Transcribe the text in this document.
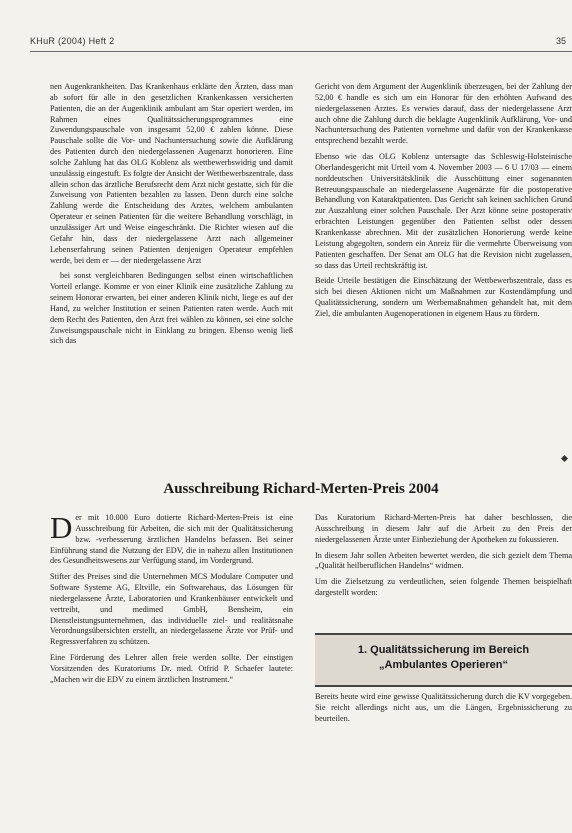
KHuR (2004) Heft 2	35

nen Augenkrankheiten. Das Krankenhaus erklärte den Ärzten, dass man ab sofort für alle in den gesetzlichen Krankenkassen versicherten Patienten, die an der Augenklinik ambulant am Star operiert werden, im Rahmen eines Qualitätssicherungsprogrammes eine Zuwendungspauschale von insgesamt 52,00 € zahlen könne. Diese Pauschale sollte die Vor- und Nachuntersuchung sowie die Aufklärung des Patienten durch den niedergelassenen Augenarzt honorieren. Eine solche Zahlung hat das OLG Koblenz als wettbewerbswidrig und damit unzulässig eingestuft. Es folgte der Ansicht der Wettbewerbszentrale, dass allein schon das ärztliche Berufsrecht dem Arzt nicht gestatte, sich für die Zuweisung von Patienten bezahlen zu lassen. Denn durch eine solche Zahlung werde die Entscheidung des Arztes, welchem ambulanten Operateur er seinen Patienten für die weitere Behandlung vorschlägt, in unzulässiger Art und Weise eingeschränkt. Die Richter wiesen auf die Gefahr hin, dass der niedergelassene Arzt nach allgemeiner Lebenserfahrung seinen Patienten denjenigen Operateur empfehlen werde, bei dem er — der niedergelassene Arzt

bei sonst vergleichbaren Bedingungen selbst einen wirtschaftlichen Vorteil erlange. Komme er von einer Klinik eine zusätzliche Zahlung zu seinem Honorar erwarten, bei einer anderen Klinik nicht, liege es auf der Hand, zu welcher Institution er seinen Patienten raten werde. Auch mit dem Recht des Patienten, den Arzt frei wählen zu können, sei eine solche Zuweisungspauschale nicht in Einklang zu bringen. Ebenso wenig ließ sich das

Gericht von dem Argument der Augenklinik überzeugen, bei der Zahlung der 52,00 € handle es sich um ein Honorar für den erhöhten Aufwand des niedergelassenen Arztes. Es verwies darauf, dass der niedergelassene Arzt auch ohne die Zahlung durch die beklagte Augenklinik Aufklärung, Vor- und Nachuntersuchung des Patienten vornehme und dafür von der Krankenkasse entsprechend bezahlt werde.

Ebenso wie das OLG Koblenz untersagte das Schleswig-Holsteinische Oberlandesgericht mit Urteil vom 4. November 2003 — 6 U 17/03 — einem norddeutschen Universitätsklinik die Ausschüttung einer sogenannten Betreuungspauschale an niedergelassene Augenärzte für die postoperative Behandlung von Kataraktpatienten. Das Gericht sah keinen sachlichen Grund zur Auszahlung einer solchen Pauschale. Der Arzt könne seine postoperativ erbrachten Leistungen gegenüber den Patienten selbst oder dessen Krankenkasse abrechnen. Mit der zusätzlichen Honorierung werde keine Leistung abgegolten, sondern ein Anreiz für die vermehrte Überweisung von Patienten geschaffen. Der Senat am OLG hat die Revision nicht zugelassen, so dass das Urteil rechtskräftig ist.

Beide Urteile bestätigen die Einschätzung der Wettbewerbszentrale, dass es sich bei diesen Aktionen nicht um Maßnahmen zur Kostendämpfung und Qualitätssicherung, sondern um Werbemaßnahmen gehandelt hat, mit dem Ziel, die ambulanten Augenoperationen in eigenem Haus zu fördern.

Ausschreibung Richard-Merten-Preis 2004

Der mit 10.000 Euro dotierte Richard-Merten-Preis ist eine Ausschreibung für Arbeiten, die sich mit der Qualitätssicherung bzw. -verbesserung ärztlichen Handelns befassen. Bei seiner Einführung stand die Nutzung der EDV, die in nahezu allen Institutionen des Gesundheitswesens zur Verfügung stand, im Vordergrund.

Stifter des Preises sind die Unternehmen MCS Modulare Computer und Software Systeme AG, Eltville, ein Softwarehaus, das Lösungen für niedergelassene Ärzte, Laboratorien und Krankenhäuser entwickelt und vertreibt, und medimed GmbH, Bensheim, ein Dienstleistungsunternehmen, das individuelle ziel- und realitätsnahe Verordnungsübersichten erstellt, an niedergelassene Ärzte vor Prüf- und Regressverfahren zu schützen.

Eine Förderung des Lehrer allen freie werden sollte. Der einstigen Vorsitzenden des Kuratoriums Dr. med. Otfrid P. Schaefer lautete: „Machen wir die EDV zu einem ärztlichen Instrument.“

Das Kuratorium Richard-Merten-Preis hat daher beschlossen, die Ausschreibung in diesem Jahr auf die Arbeit zu den Preis der niedergelassenen Ärzte unter Einbeziehung der Apotheken zu fokussieren.

In diesem Jahr sollen Arbeiten bewertet werden, die sich gezielt dem Thema „Qualität heilberuflichen Handelns“ widmen.

Um die Zielsetzung zu verdeutlichen, seien folgende Themen beispielhaft dargestellt worden:

1. Qualitätssicherung im Bereich „Ambulantes Operieren“

Bereits heute wird eine gewisse Qualitätssicherung durch die KV vorgegeben. Sie reicht allerdings nicht aus, um die Längen, Ergebnissicherung zu beurteilen.
